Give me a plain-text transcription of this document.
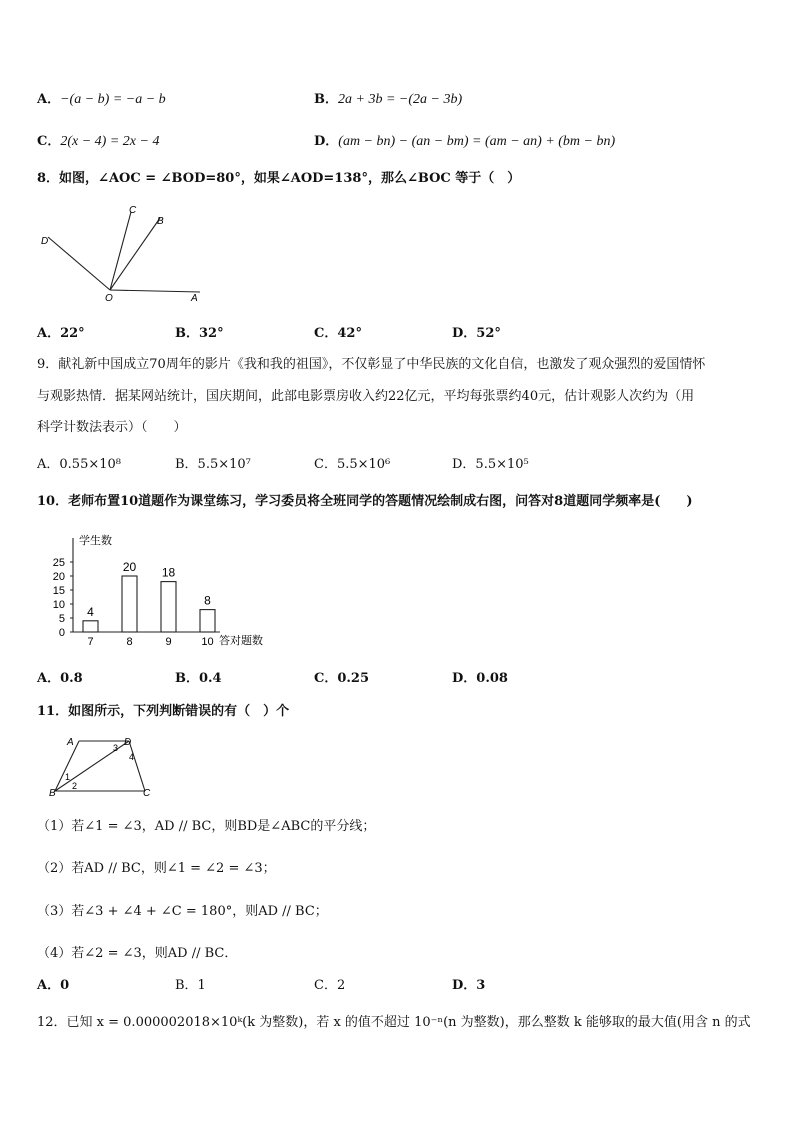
A．−(a − b) = −a − b	B．2a + 3b = −(2a − 3b)
C．2(x − 4) = 2x − 4	D．(am − bn) − (an − bm) = (am − an) + (bm − bn)
8．如图，∠AOC = ∠BOD=80°，如果∠AOD=138°，那么∠BOC 等于（　）
C
B
D
O	A
A．22°	B．32°	C．42°	D．52°
9．献礼新中国成立70周年的影片《我和我的祖国》，不仅彰显了中华民族的文化自信，也激发了观众强烈的爱国情怀
与观影热情．据某网站统计，国庆期间，此部电影票房收入约22亿元，平均每张票约40元，估计观影人次约为（用
科学计数法表示）（　　）
A．0.55×10⁸	B．5.5×10⁷	C．5.5×10⁶	D．5.5×10⁵
10．老师布置10道题作为课堂练习，学习委员将全班同学的答题情况绘制成右图，问答对8道题同学频率是(　　)
学生数
答对题数
0
5
10
15
20
25
4
7
20
8
18
9
8
10
A．0.8	B．0.4	C．0.25	D．0.08
11．如图所示，下列判断错误的有（　）个
A	D
B	C
1
2
3
4
（1）若∠1 = ∠3，AD // BC，则BD是∠ABC的平分线；
（2）若AD // BC，则∠1 = ∠2 = ∠3；
（3）若∠3 + ∠4 + ∠C = 180°，则AD // BC；
（4）若∠2 = ∠3，则AD // BC．
A．0	B．1	C．2	D．3
12．已知 x = 0.000002018×10ᵏ(k 为整数)，若 x 的值不超过 10⁻ⁿ(n 为整数)，那么整数 k 能够取的最大值(用含 n 的式
